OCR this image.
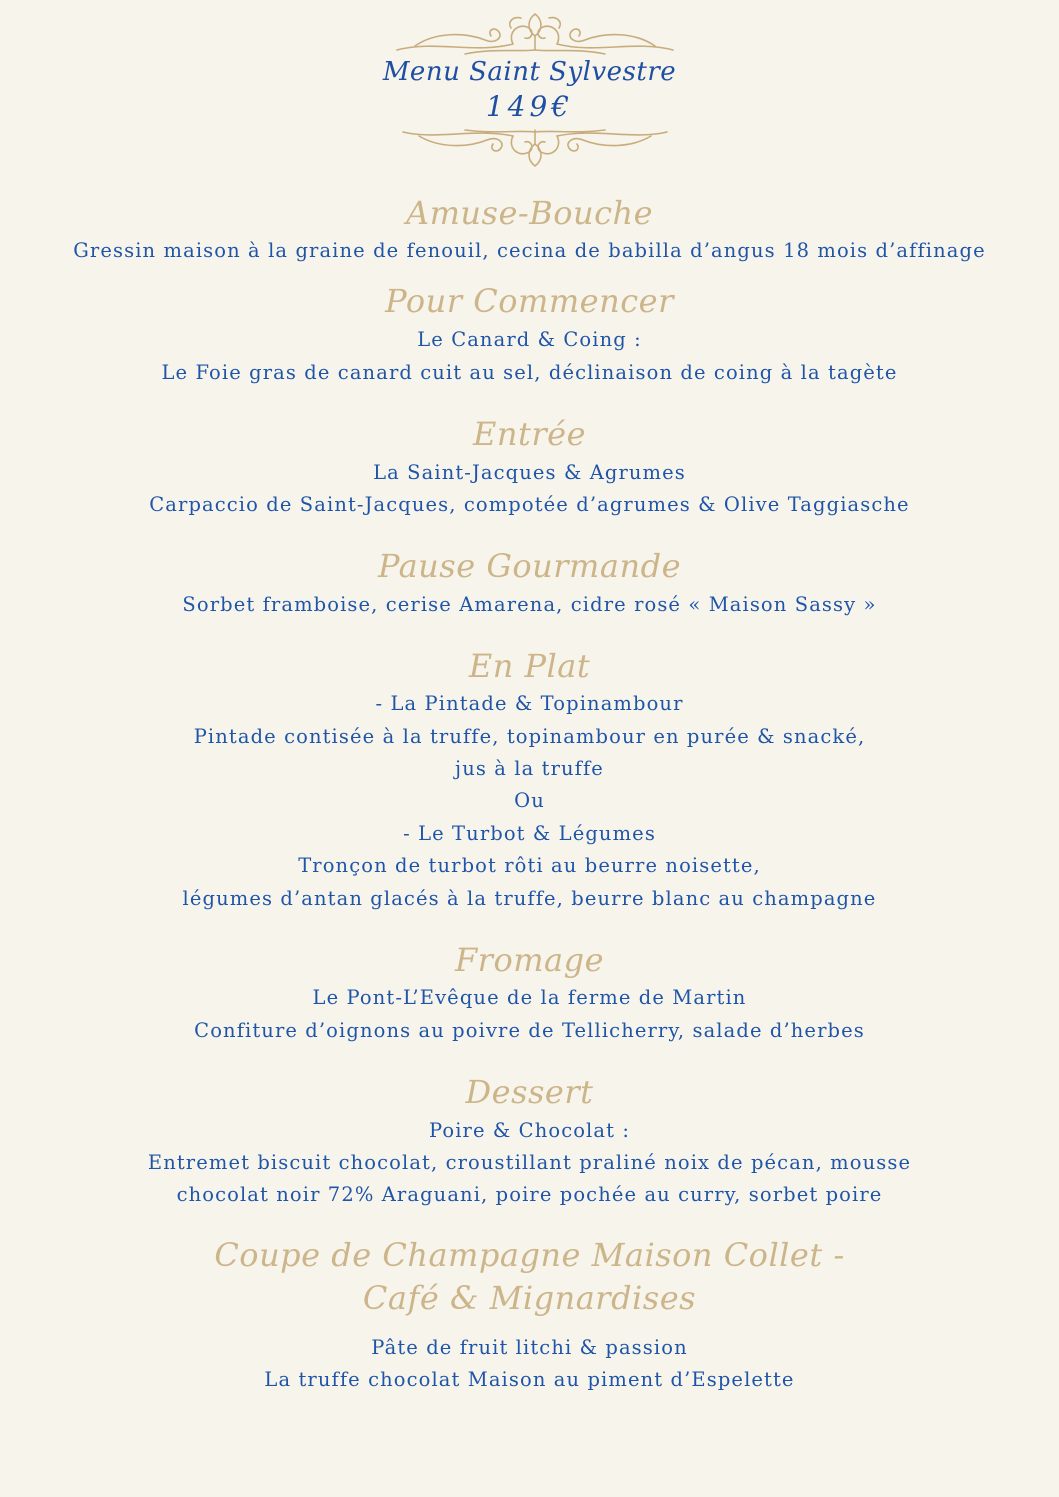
Menu Saint Sylvestre
149€
Amuse-Bouche
Gressin maison à la graine de fenouil, cecina de babilla d’angus 18 mois d’affinage
Pour Commencer
Le Canard & Coing :
Le Foie gras de canard cuit au sel, déclinaison de coing à la tagète
Entrée
La Saint-Jacques & Agrumes
Carpaccio de Saint-Jacques, compotée d’agrumes & Olive Taggiasche
Pause Gourmande
Sorbet framboise, cerise Amarena, cidre rosé « Maison Sassy »
En Plat
- La Pintade & Topinambour
Pintade contisée à la truffe, topinambour en purée & snacké,
jus à la truffe
Ou
- Le Turbot & Légumes
Tronçon de turbot rôti au beurre noisette,
légumes d’antan glacés à la truffe, beurre blanc au champagne
Fromage
Le Pont-L’Evêque de la ferme de Martin
Confiture d’oignons au poivre de Tellicherry, salade d’herbes
Dessert
Poire & Chocolat :
Entremet biscuit chocolat, croustillant praliné noix de pécan, mousse
chocolat noir 72% Araguani, poire pochée au curry, sorbet poire
Coupe de Champagne Maison Collet -
Café & Mignardises
Pâte de fruit litchi & passion
La truffe chocolat Maison au piment d’Espelette
